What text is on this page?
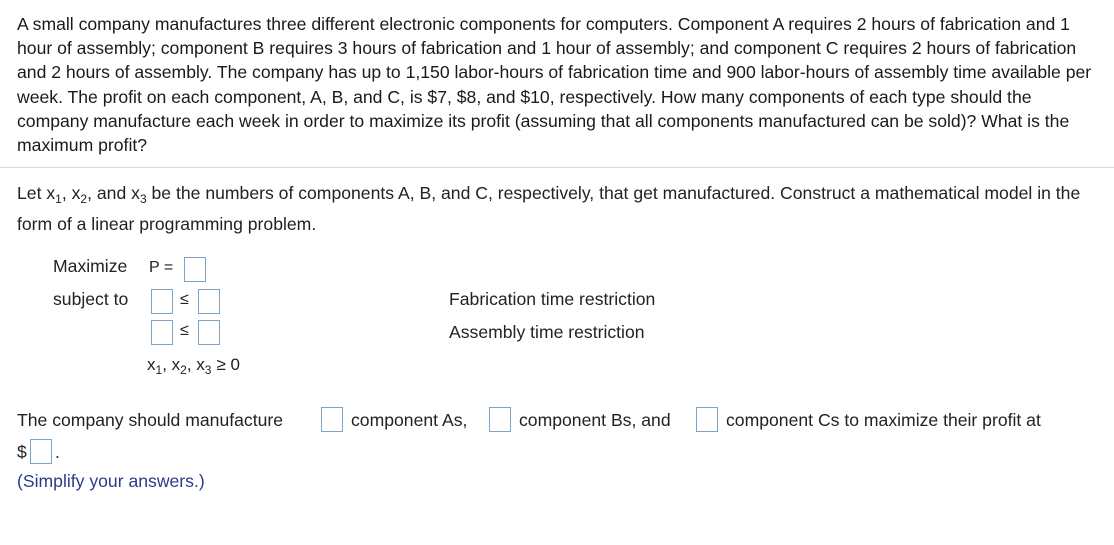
A small company manufactures three different electronic components for computers. Component A requires 2 hours of fabrication and 1 hour of assembly; component B requires 3 hours of fabrication and 1 hour of assembly; and component C requires 2 hours of fabrication and 2 hours of assembly. The company has up to 1,150 labor-hours of fabrication time and 900 labor-hours of assembly time available per week. The profit on each component, A, B, and C, is $7, $8, and $10, respectively. How many components of each type should the company manufacture each week in order to maximize its profit (assuming that all components manufactured can be sold)? What is the maximum profit?
Let $x_1$, $x_2$, and $x_3$ be the numbers of components A, B, and C, respectively, that get manufactured. Construct a mathematical model in the form of a linear programming problem.
Maximize P =
subject to	≤	Fabrication time restriction
≤	Assembly time restriction
$x_1$, $x_2$, $x_3 \ge 0$
The company should manufacture	component As,	component Bs, and	component Cs to maximize their profit at
$ .
(Simplify your answers.)
